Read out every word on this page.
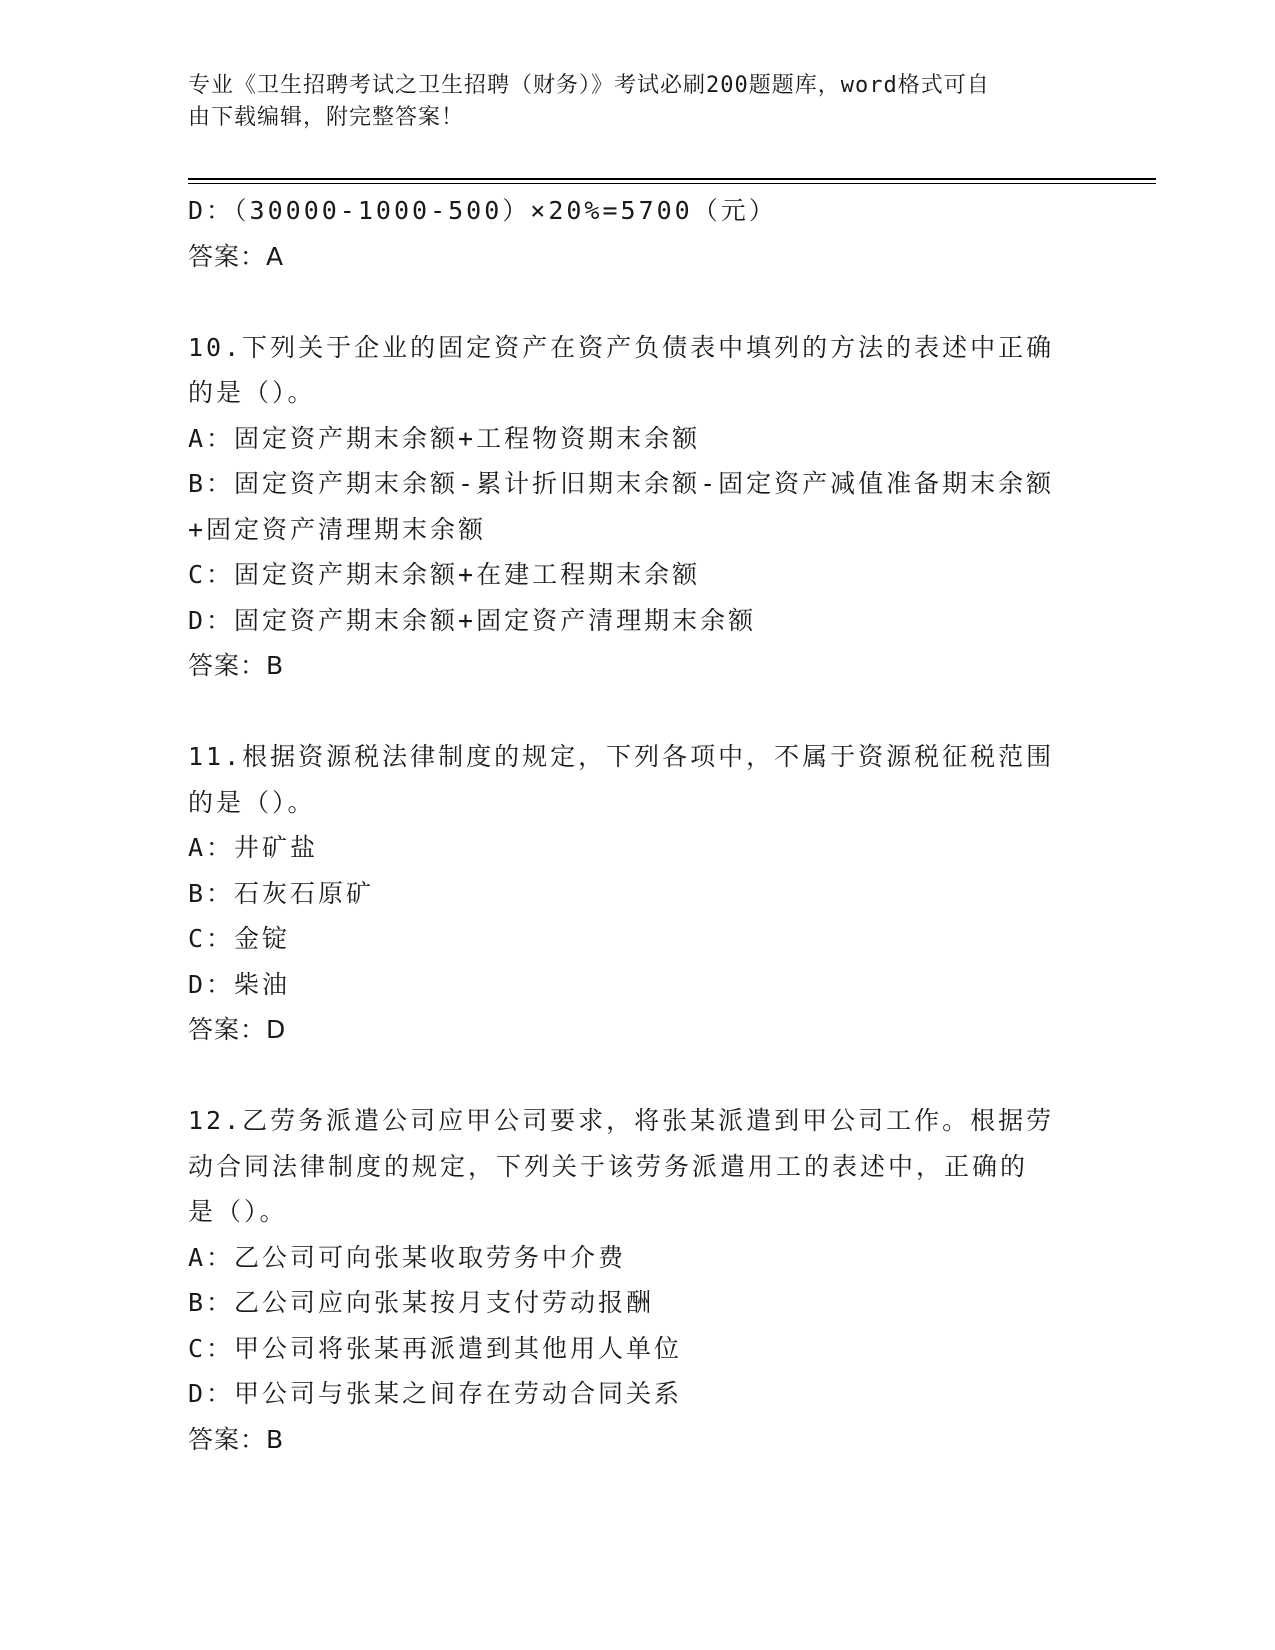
专业《卫生招聘考试之卫生招聘（财务）》考试必刷200题题库，word格式可自
由下载编辑，附完整答案！
D：（30000-1000-500）×20%=5700（元）
答案：A
10.下列关于企业的固定资产在资产负债表中填列的方法的表述中正确
的是（）。
A：固定资产期末余额+工程物资期末余额
B：固定资产期末余额-累计折旧期末余额-固定资产减值准备期末余额
+固定资产清理期末余额
C：固定资产期末余额+在建工程期末余额
D：固定资产期末余额+固定资产清理期末余额
答案：B
11.根据资源税法律制度的规定，下列各项中，不属于资源税征税范围
的是（）。
A：井矿盐
B：石灰石原矿
C：金锭
D：柴油
答案：D
12.乙劳务派遣公司应甲公司要求，将张某派遣到甲公司工作。根据劳
动合同法律制度的规定，下列关于该劳务派遣用工的表述中，正确的
是（）。
A：乙公司可向张某收取劳务中介费
B：乙公司应向张某按月支付劳动报酬
C：甲公司将张某再派遣到其他用人单位
D：甲公司与张某之间存在劳动合同关系
答案：B
